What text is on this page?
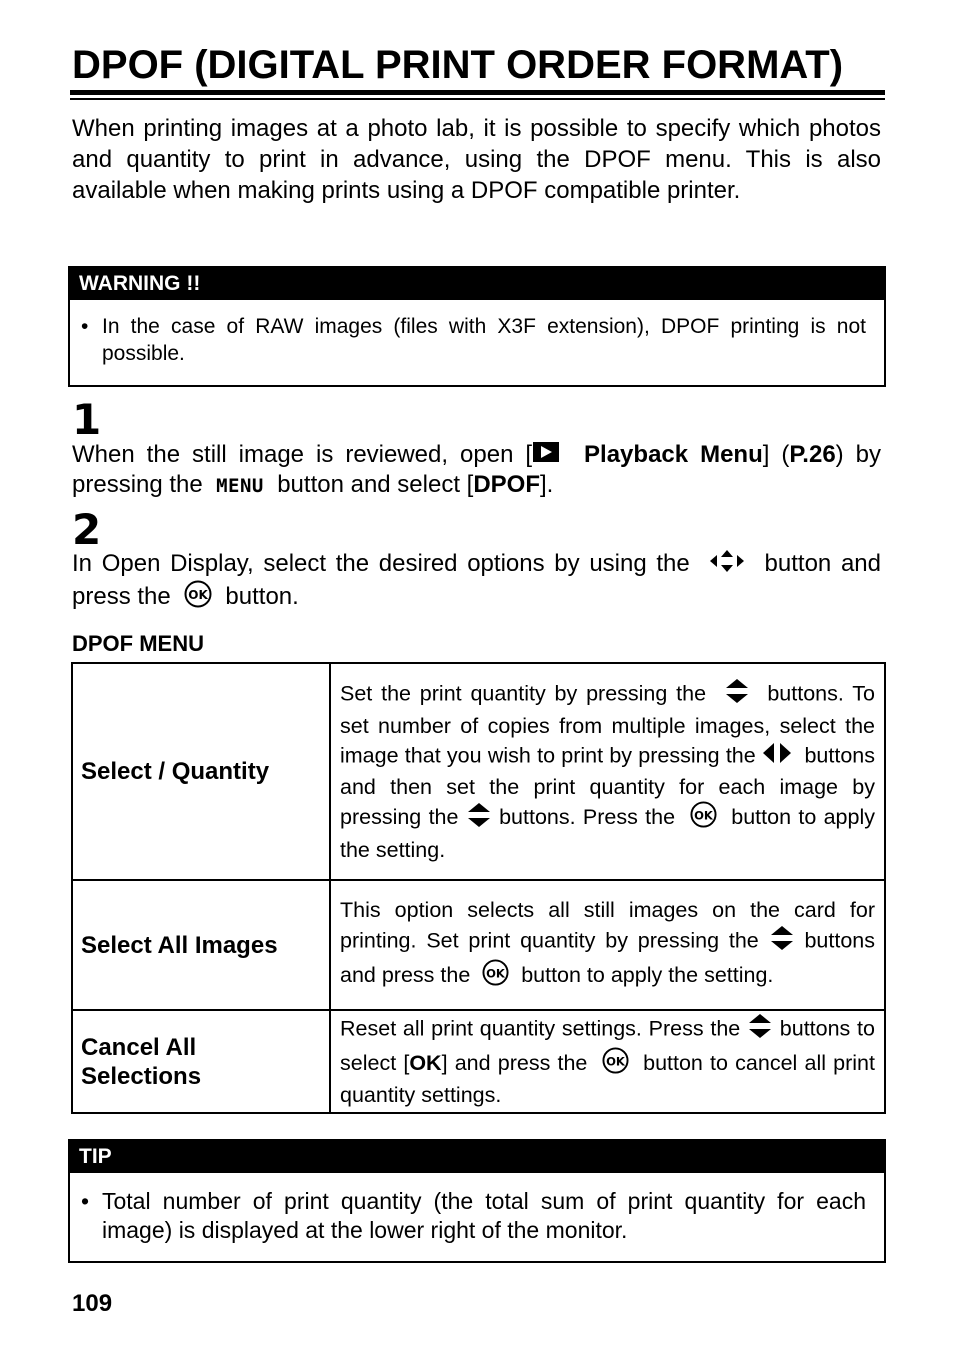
DPOF (DIGITAL PRINT ORDER FORMAT)
When printing images at a photo lab, it is possible to specify which photos and quantity to print in advance, using the DPOF menu. This is also available when making prints using a DPOF compatible printer.
WARNING !!
• In the case of RAW images (files with X3F extension), DPOF printing is not possible.
1
When the still image is reviewed, open [ Playback Menu] (P.26) by pressing the MENU button and select [DPOF].
2
In Open Display, select the desired options by using the	button and press the OK button.
DPOF MENU
Select / Quantity	Set the print quantity by pressing the buttons. To set number of copies from multiple images, select the image that you wish to print by pressing the buttons and then set the print quantity for each image by pressing the buttons. Press the OK button to apply the setting.
Select All Images	This option selects all still images on the card for printing. Set print quantity by pressing the buttons and press the OK button to apply the setting.
Cancel All Selections	Reset all print quantity settings. Press the buttons to select [OK] and press the OK button to cancel all print quantity settings.
TIP
• Total number of print quantity (the total sum of print quantity for each image) is displayed at the lower right of the monitor.
109
